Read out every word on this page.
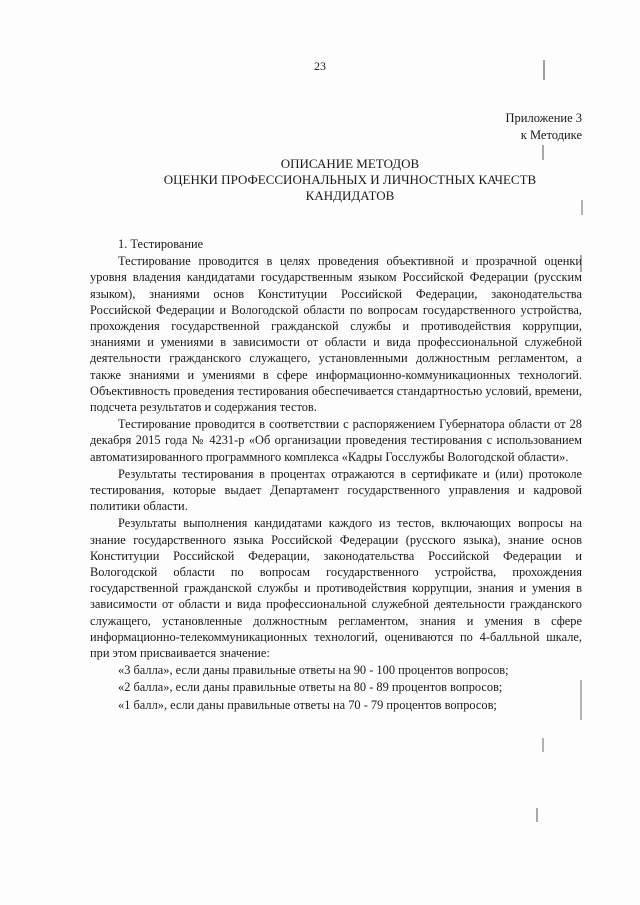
23
Приложение 3
к Методике
ОПИСАНИЕ МЕТОДОВ
ОЦЕНКИ ПРОФЕССИОНАЛЬНЫХ И ЛИЧНОСТНЫХ КАЧЕСТВ
КАНДИДАТОВ

1. Тестирование

Тестирование проводится в целях проведения объективной и прозрачной оценки уровня владения кандидатами государственным языком Российской Федерации (русским языком), знаниями основ Конституции Российской Федерации, законодательства Российской Федерации и Вологодской области по вопросам государственного устройства, прохождения государственной гражданской службы и противодействия коррупции, знаниями и умениями в зависимости от области и вида профессиональной служебной деятельности гражданского служащего, установленными должностным регламентом, а также знаниями и умениями в сфере информационно-коммуникационных технологий. Объективность проведения тестирования обеспечивается стандартностью условий, времени, подсчета результатов и содержания тестов.

Тестирование проводится в соответствии с распоряжением Губернатора области от 28 декабря 2015 года № 4231-р «Об организации проведения тестирования с использованием автоматизированного программного комплекса «Кадры Госслужбы Вологодской области».

Результаты тестирования в процентах отражаются в сертификате и (или) протоколе тестирования, которые выдает Департамент государственного управления и кадровой политики области.

Результаты выполнения кандидатами каждого из тестов, включающих вопросы на знание государственного языка Российской Федерации (русского языка), знание основ Конституции Российской Федерации, законодательства Российской Федерации и Вологодской области по вопросам государственного устройства, прохождения государственной гражданской службы и противодействия коррупции, знания и умения в зависимости от области и вида профессиональной служебной деятельности гражданского служащего, установленные должностным регламентом, знания и умения в сфере информационно-телекоммуникационных технологий, оцениваются по 4-балльной шкале, при этом присваивается значение:

«3 балла», если даны правильные ответы на 90 - 100 процентов вопросов;

«2 балла», если даны правильные ответы на 80 - 89 процентов вопросов;

«1 балл», если даны правильные ответы на 70 - 79 процентов вопросов;
